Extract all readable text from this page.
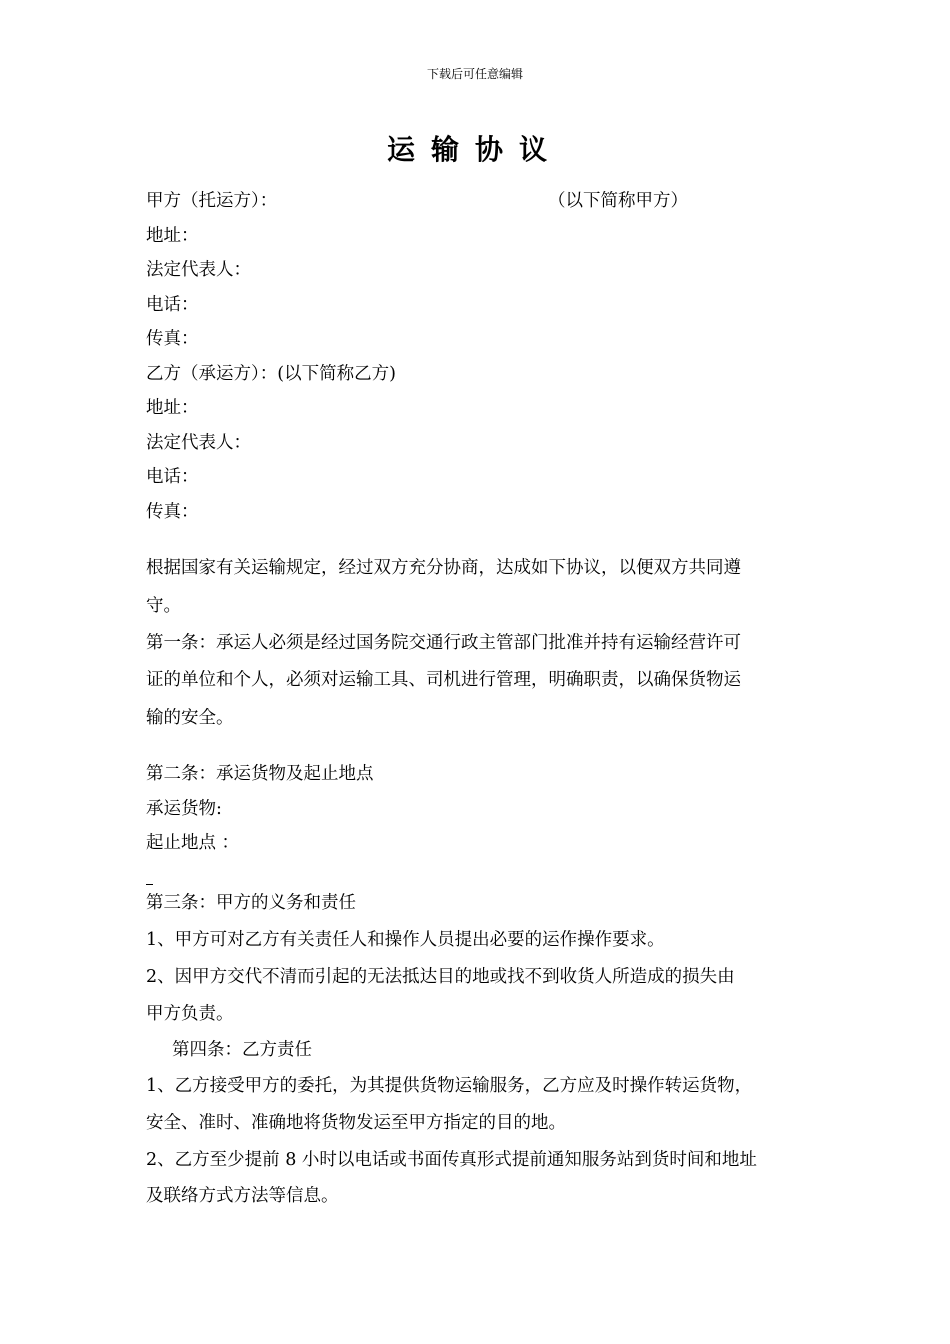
下载后可任意编辑
运输协议
甲方（托运方）：	（以下简称甲方）
地址：
法定代表人：
电话：
传真：
乙方（承运方）：(以下简称乙方)
地址：
法定代表人：
电话：
传真：
根据国家有关运输规定，经过双方充分协商，达成如下协议，以便双方共同遵
守。
第一条：承运人必须是经过国务院交通行政主管部门批准并持有运输经营许可
证的单位和个人，必须对运输工具、司机进行管理，明确职责，以确保货物运
输的安全。
第二条：承运货物及起止地点
承运货物:
起止地点 ：
第三条：甲方的义务和责任
1、甲方可对乙方有关责任人和操作人员提出必要的运作操作要求。
2、因甲方交代不清而引起的无法抵达目的地或找不到收货人所造成的损失由
甲方负责。
第四条：乙方责任
1、乙方接受甲方的委托，为其提供货物运输服务，乙方应及时操作转运货物，
安全、准时、准确地将货物发运至甲方指定的目的地。
2、乙方至少提前 8 小时以电话或书面传真形式提前通知服务站到货时间和地址
及联络方式方法等信息。
